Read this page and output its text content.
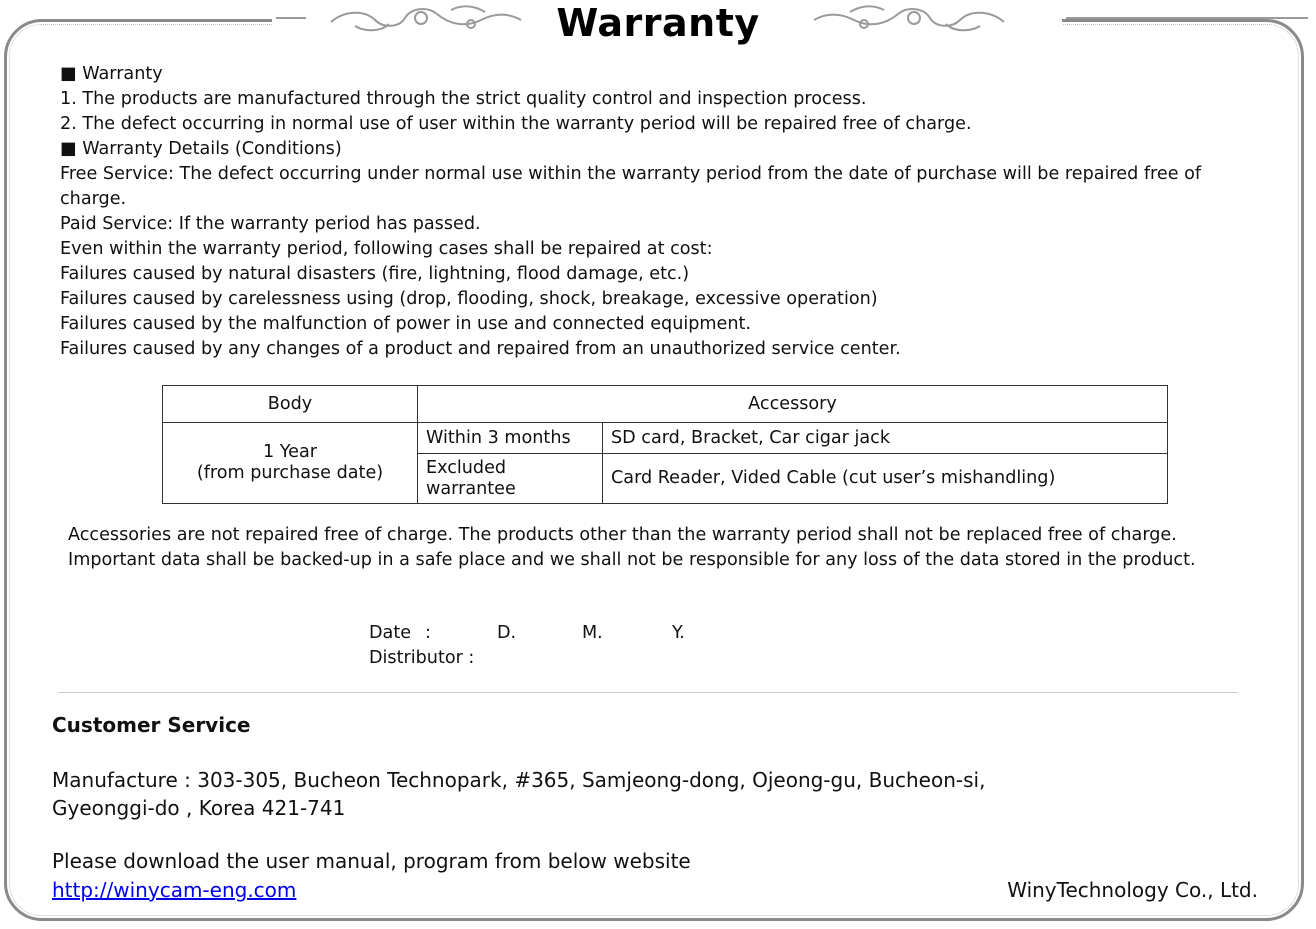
Warranty
■ Warranty
1. The products are manufactured through the strict quality control and inspection process.
2. The defect occurring in normal use of user within the warranty period will be repaired free of charge.
■ Warranty Details (Conditions)
Free Service: The defect occurring under normal use within the warranty period from the date of purchase will be repaired free of charge.
Paid Service: If the warranty period has passed.
Even within the warranty period, following cases shall be repaired at cost:
Failures caused by natural disasters (fire, lightning, flood damage, etc.)
Failures caused by carelessness using (drop, flooding, shock, breakage, excessive operation)
Failures caused by the malfunction of power in use and connected equipment.
Failures caused by any changes of a product and repaired from an unauthorized service center.
Body	Accessory	
1 Year
(from purchase date)	Within 3 months	SD card, Bracket, Car cigar jack
	Excluded warrantee	Card Reader, Vided Cable (cut user’s mishandling)
Accessories are not repaired free of charge. The products other than the warranty period shall not be replaced free of charge.
Important data shall be backed-up in a safe place and we shall not be responsible for any loss of the data stored in the product.
Date :	D.	M.	Y.
Distributor :
Customer Service
Manufacture : 303-305, Bucheon Technopark, #365, Samjeong-dong, Ojeong-gu, Bucheon-si,
Gyeonggi-do , Korea 421-741
Please download the user manual, program from below website
http://winycam-eng.com	WinyTechnology Co., Ltd.
